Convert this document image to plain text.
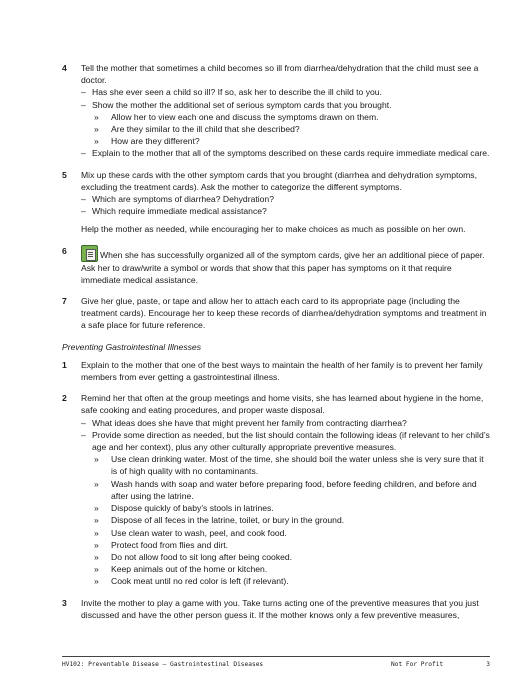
4 Tell the mother that sometimes a child becomes so ill from diarrhea/dehydration that the child must see a doctor.
– Has she ever seen a child so ill? If so, ask her to describe the ill child to you.
– Show the mother the additional set of serious symptom cards that you brought.
» Allow her to view each one and discuss the symptoms drawn on them.
» Are they similar to the ill child that she described?
» How are they different?
– Explain to the mother that all of the symptoms described on these cards require immediate medical care.
5 Mix up these cards with the other symptom cards that you brought (diarrhea and dehydration symptoms, excluding the treatment cards). Ask the mother to categorize the different symptoms.
– Which are symptoms of diarrhea? Dehydration?
– Which require immediate medical assistance?
Help the mother as needed, while encouraging her to make choices as much as possible on her own.
6	When she has successfully organized all of the symptom cards, give her an additional piece of paper. Ask her to draw/write a symbol or words that show that this paper has symptoms on it that require immediate medical assistance.
7 Give her glue, paste, or tape and allow her to attach each card to its appropriate page (including the treatment cards). Encourage her to keep these records of diarrhea/dehydration symptoms and treatment in a safe place for future reference.
Preventing Gastrointestinal Illnesses
1 Explain to the mother that one of the best ways to maintain the health of her family is to prevent her family members from ever getting a gastrointestinal illness.
2 Remind her that often at the group meetings and home visits, she has learned about hygiene in the home, safe cooking and eating procedures, and proper waste disposal.
– What ideas does she have that might prevent her family from contracting diarrhea?
– Provide some direction as needed, but the list should contain the following ideas (if relevant to her child’s age and her context), plus any other culturally appropriate preventive measures.
» Use clean drinking water. Most of the time, she should boil the water unless she is very sure that it is of high quality with no contaminants.
» Wash hands with soap and water before preparing food, before feeding children, and before and after using the latrine.
» Dispose quickly of baby’s stools in latrines.
» Dispose of all feces in the latrine, toilet, or bury in the ground.
» Use clean water to wash, peel, and cook food.
» Protect food from flies and dirt.
» Do not allow food to sit long after being cooked.
» Keep animals out of the home or kitchen.
» Cook meat until no red color is left (if relevant).
3 Invite the mother to play a game with you. Take turns acting one of the preventive measures that you just discussed and have the other person guess it. If the mother knows only a few preventive measures,
HV102: Preventable Disease – Gastrointestinal Diseases	Not For Profit	3
